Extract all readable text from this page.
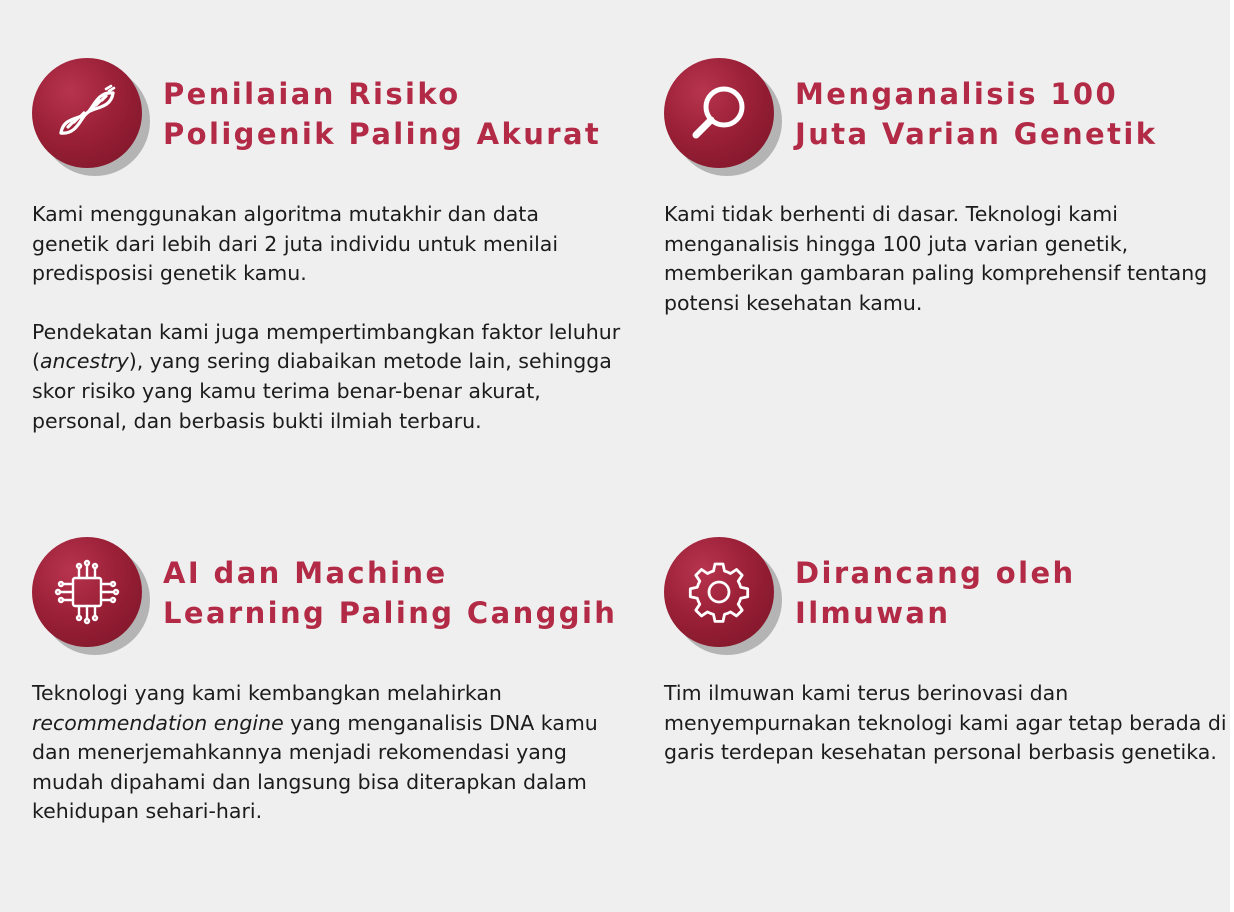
Penilaian Risiko
Poligenik Paling Akurat

Kami menggunakan algoritma mutakhir dan data genetik dari lebih dari 2 juta individu untuk menilai predisposisi genetik kamu.

Pendekatan kami juga mempertimbangkan faktor leluhur (ancestry), yang sering diabaikan metode lain, sehingga skor risiko yang kamu terima benar-benar akurat, personal, dan berbasis bukti ilmiah terbaru.

Menganalisis 100
Juta Varian Genetik

Kami tidak berhenti di dasar. Teknologi kami menganalisis hingga 100 juta varian genetik, memberikan gambaran paling komprehensif tentang potensi kesehatan kamu.

AI dan Machine
Learning Paling Canggih

Teknologi yang kami kembangkan melahirkan recommendation engine yang menganalisis DNA kamu dan menerjemahkannya menjadi rekomendasi yang mudah dipahami dan langsung bisa diterapkan dalam kehidupan sehari-hari.

Dirancang oleh
Ilmuwan

Tim ilmuwan kami terus berinovasi dan menyempurnakan teknologi kami agar tetap berada di garis terdepan kesehatan personal berbasis genetika.
